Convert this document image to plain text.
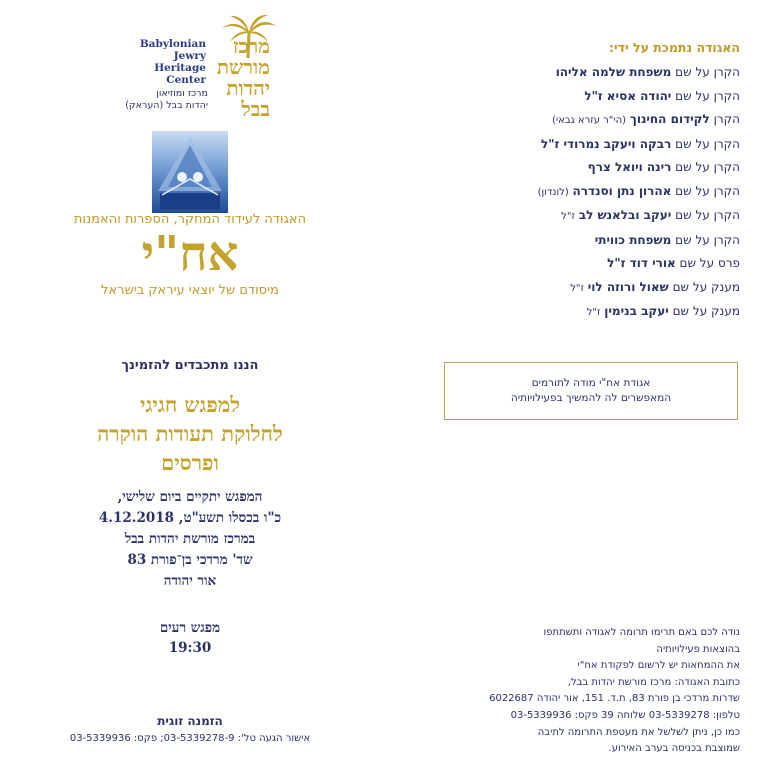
מרכז
מורשת
יהדות
בבל
Babylonian
Jewry
Heritage
Center
מרכז ומוזיאון
יהדות בבל (העראק)
האגודה לעידוד המחקר, הספרות והאמנות
אח"י
מיסודם של יוצאי עיראק בישראל
הננו מתכבדים להזמינך
למפגש חגיגי
לחלוקת תעודות הוקרה
ופרסים
המפגש יתקיים ביום שלישי,
כ"ו בכסלו תשע"ט, 4.12.2018
במרכז מורשת יהדות בבל
שד' מרדכי בן־פורת 83
אור יהודה
מפגש רעים
19:30
הזמנה זוגית
אישור הגעה טל': 03-5339278-9; פקס: 03-5339936
האגודה נתמכת על ידי:
הקרן על שם משפחת שלמה אליהו
הקרן על שם יהודה אסיא ז"ל
הקרן לקידום החינוך (הי"ר עזרא גבאי)
הקרן על שם רבקה ויעקב נמרודי ז"ל
הקרן על שם רינה ויואל צרף
הקרן על שם אהרון נתן וסנדרה (לונדון)
הקרן על שם יעקב ובלאנש לב ז"ל
הקרן על שם משפחת כוויתי
פרס על שם אורי דוד ז"ל
מענק על שם שאול ורוזה לוי ז"ל
מענק על שם יעקב בנימין ז"ל
אגודת אח"י מודה לתורמים
המאפשרים לה להמשיך בפעילויותיה
נודה לכם באם תרימו תרומה לאגודה ותשתתפו
בהוצאות פעילויותיה
את ההמחאות יש לרשום לפקודת אח"י
כתובת האגודה: מרכז מורשת יהדות בבל,
שדרות מרדכי בן פורת 83, ת.ד. 151, אור יהודה 6022687
טלפון: 03-5339278 שלוחה 39 פקס: 03-5339936
כמו כן, ניתן לשלשל את מעטפת התרומה לתיבה
שמוצבת בכניסה בערב האירוע.
